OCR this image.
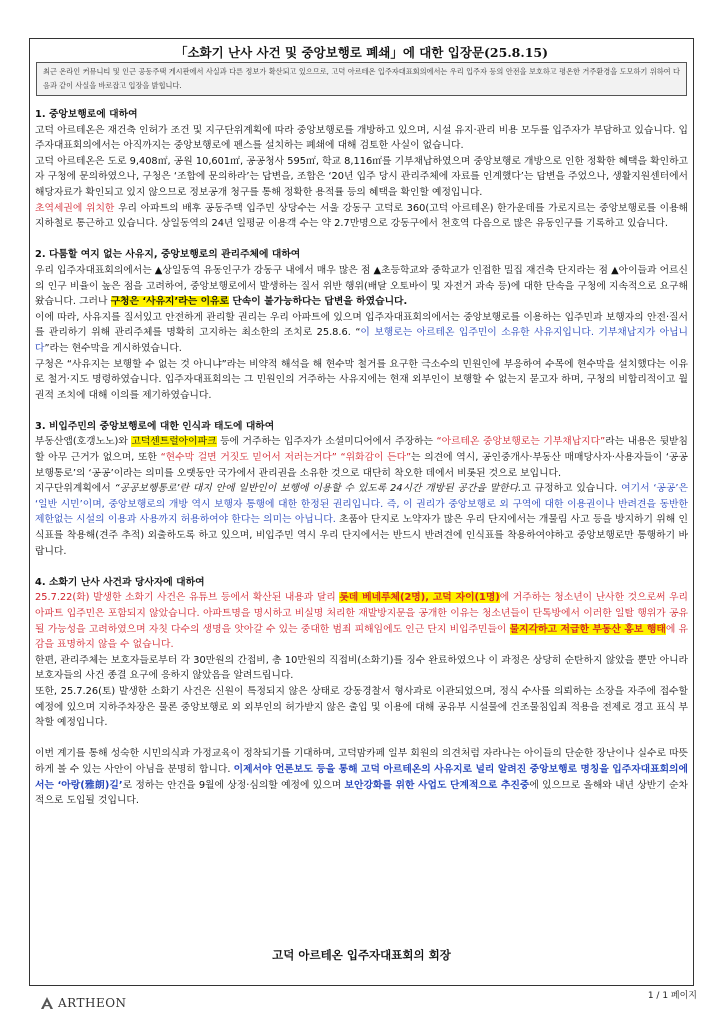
「소화기 난사 사건 및 중앙보행로 폐쇄」에 대한 입장문(25.8.15)
최근 온라인 커뮤니티 및 인근 공동주택 게시판에서 사실과 다른 정보가 확산되고 있으므로, 고덕 아르테온 입주자대표회의에서는 우리 입주자 등의 안전을 보호하고 평온한 거주환경을 도모하기 위하여 다음과 같이 사실을 바로잡고 입장을 밝힙니다.

1. 중앙보행로에 대하여

고덕 아르테온은 재건축 인허가 조건 및 지구단위계획에 따라 중앙보행로를 개방하고 있으며, 시설 유지·관리 비용 모두를 입주자가 부담하고 있습니다. 입주자대표회의에서는 아직까지는 중앙보행로에 펜스를 설치하는 폐쇄에 대해 검토한 사실이 없습니다.

고덕 아르테온은 도로 9,408㎡, 공원 10,601㎡, 공공청사 595㎡, 학교 8,116㎡를 기부채납하였으며 중앙보행로 개방으로 인한 정확한 혜택을 확인하고자 구청에 문의하였으나, 구청은 ‘조합에 문의하라’는 답변을, 조합은 ‘20년 입주 당시 관리주체에 자료를 인계했다’는 답변을 주었으나, 생활지원센터에서 해당자료가 확인되고 있지 않으므로 정보공개 청구를 통해 정확한 용적률 등의 혜택을 확인할 예정입니다.

초역세권에 위치한 우리 아파트의 배후 공동주택 입주민 상당수는 서울 강동구 고덕로 360(고덕 아르테온) 한가운데를 가로지르는 중앙보행로를 이용해 지하철로 통근하고 있습니다. 상일동역의 24년 일평균 이용객 수는 약 2.7만명으로 강동구에서 천호역 다음으로 많은 유동인구를 기록하고 있습니다.

2. 다툼할 여지 없는 사유지, 중앙보행로의 관리주체에 대하여

우리 입주자대표회의에서는 ▲상일동역 유동인구가 강동구 내에서 매우 많은 점 ▲초등학교와 중학교가 인접한 밀집 재건축 단지라는 점 ▲아이들과 어르신의 인구 비율이 높은 점을 고려하여, 중앙보행로에서 발생하는 질서 위반 행위(배달 오토바이 및 자전거 과속 등)에 대한 단속을 구청에 지속적으로 요구해 왔습니다. 그러나 구청은 ‘사유지’라는 이유로 단속이 불가능하다는 답변을 하였습니다.

이에 따라, 사유지를 질서있고 안전하게 관리할 권리는 우리 아파트에 있으며 입주자대표회의에서는 중앙보행로를 이용하는 입주민과 보행자의 안전·질서를 관리하기 위해 관리주체를 명확히 고지하는 최소한의 조치로 25.8.6. “이 보행로는 아르테온 입주민이 소유한 사유지입니다. 기부채납지가 아닙니다”라는 현수막을 게시하였습니다.

구청은 “사유지는 보행할 수 없는 것 아니냐”라는 비약적 해석을 해 현수막 철거를 요구한 극소수의 민원인에 부응하여 수목에 현수막을 설치했다는 이유로 철거·지도 명령하였습니다. 입주자대표회의는 그 민원인의 거주하는 사유지에는 현재 외부인이 보행할 수 없는지 묻고자 하며, 구청의 비합리적이고 월권적 조치에 대해 이의를 제기하였습니다.

3. 비입주민의 중앙보행로에 대한 인식과 태도에 대하여

부동산앱(호갱노노)와 고덕센트럴아이파크 등에 거주하는 입주자가 소셜미디어에서 주장하는 “아르테온 중앙보행로는 기부채납지다”라는 내용은 뒷받침 할 아무 근거가 없으며, 또한 “현수막 걸면 거짓도 믿어서 저러는거다” “위화감이 든다”는 의견에 역시, 공인중개사·부동산 매매당사자·사용자들이 ‘공공보행통로’의 ‘공공’이라는 의미를 오랫동안 국가에서 관리권을 소유한 것으로 대단히 착오한 데에서 비롯된 것으로 보입니다.

지구단위계획에서 “공공보행통로’란 대지 안에 일반인이 보행에 이용할 수 있도록 24시간 개방된 공간을 말한다.고 규정하고 있습니다. 여기서 ‘공공’은 ‘일반 시민’이며, 중앙보행로의 개방 역시 보행자 통행에 대한 한정된 권리입니다. 즉, 이 권리가 중앙보행로 외 구역에 대한 이용권이나 반려견을 동반한 제한없는 시설의 이용과 사용까지 허용하여야 한다는 의미는 아닙니다. 초품아 단지로 노약자가 많은 우리 단지에서는 개물림 사고 등을 방지하기 위해 인식표를 착용해(견주 추적) 외출하도록 하고 있으며, 비입주민 역시 우리 단지에서는 반드시 반려견에 인식표를 착용하여야하고 중앙보행로만 통행하기 바랍니다.

4. 소화기 난사 사건과 당사자에 대하여

25.7.22(화) 발생한 소화기 사건은 유튜브 등에서 확산된 내용과 달리 롯데 베네루체(2명), 고덕 자이(1명)에 거주하는 청소년이 난사한 것으로써 우리 아파트 입주민은 포함되지 않았습니다. 아파트명을 명시하고 비실명 처리한 재발방지문을 공개한 이유는 청소년들이 단톡방에서 이러한 일탈 행위가 공유될 가능성을 고려하였으며 자칫 다수의 생명을 앗아갈 수 있는 중대한 범죄 피해임에도 인근 단지 비입주민들이 물지각하고 저급한 부동산 홍보 행태에 유감을 표명하지 않을 수 없습니다.

한편, 관리주체는 보호자들로부터 각 30만원의 간접비, 총 10만원의 직접비(소화기)를 징수 완료하였으나 이 과정은 상당히 순탄하지 않았을 뿐만 아니라 보호자들의 사건 종결 요구에 응하지 않았음을 알려드립니다.

또한, 25.7.26(토) 발생한 소화기 사건은 신원이 특정되지 않은 상태로 강동경찰서 형사과로 이관되었으며, 정식 수사를 의뢰하는 소장을 자주에 접수할 예정에 있으며 지하주차장은 물론 중앙보행로 외 외부인의 허가받지 않은 출입 및 이용에 대해 공유부 시설물에 건조물침입죄 적용을 전제로 경고 표식 부착할 예정입니다.

이번 계기를 통해 성숙한 시민의식과 가정교육이 정착되기를 기대하며, 고덕맘카페 일부 회원의 의견처럼 자라나는 아이들의 단순한 장난이나 실수로 따뜻하게 볼 수 있는 사안이 아님을 분명히 합니다. 이제서야 언론보도 등을 통해 고덕 아르테온의 사유지로 널리 알려진 중앙보행로 명칭을 입주자대표회의에서는 ‘아랑(雅朗)길’로 정하는 안건을 9월에 상정·심의할 예정에 있으며 보안강화를 위한 사업도 단계적으로 추진중에 있으므로 올해와 내년 상반기 순차적으로 도입될 것입니다.

고덕 아르테온 입주자대표회의 회장
ARTHEON	1 / 1 페이지
